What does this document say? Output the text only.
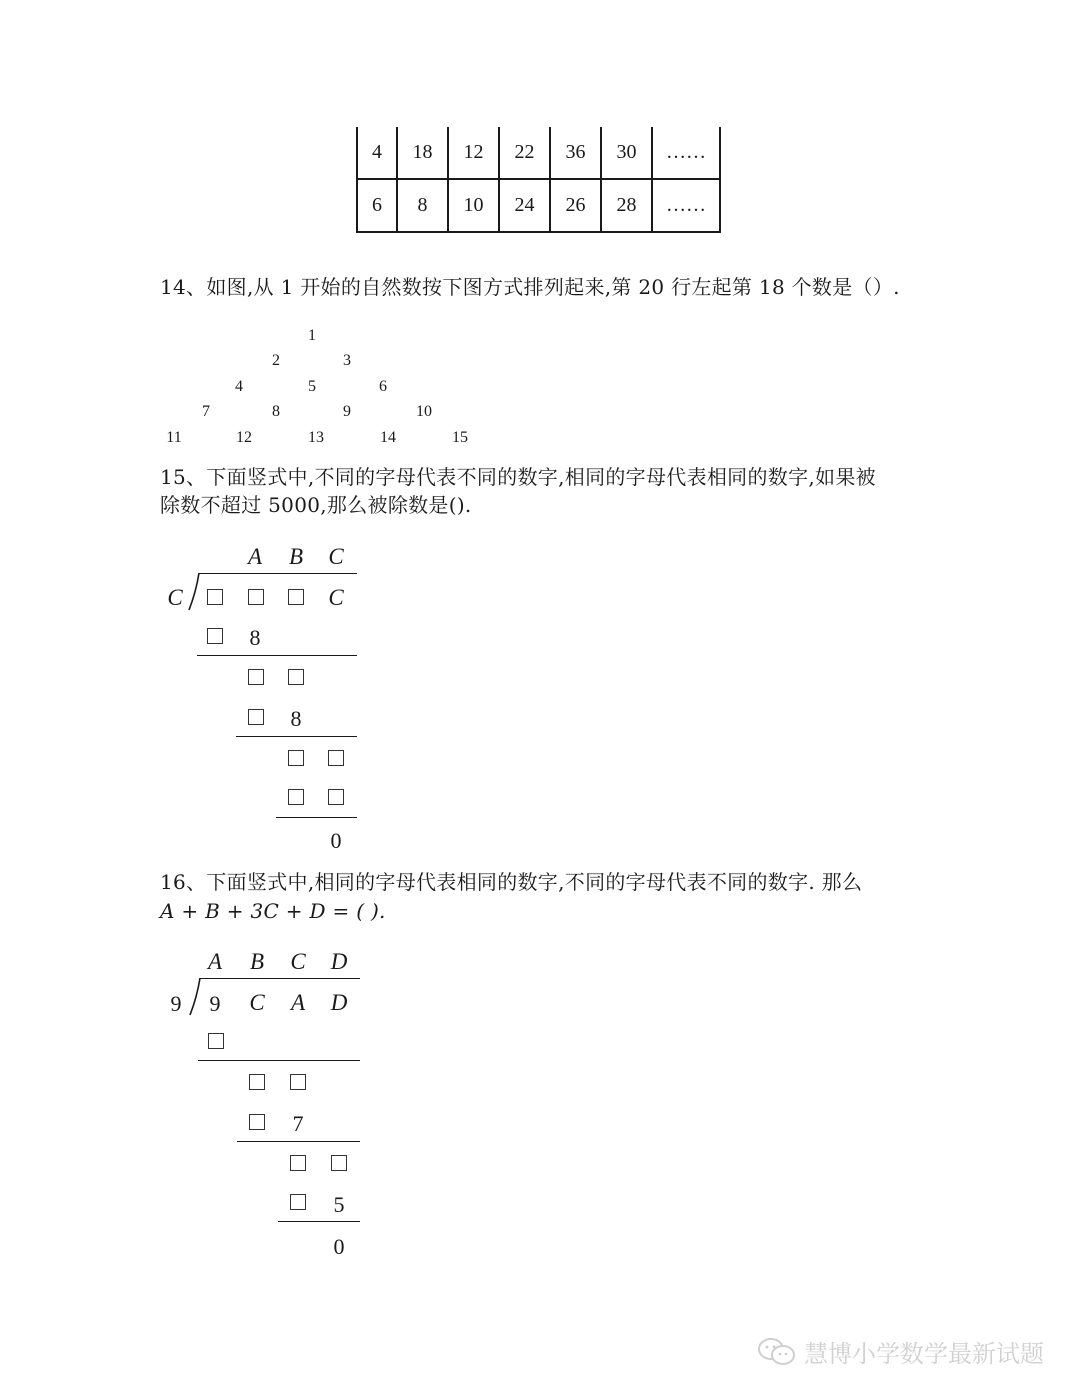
4	18	12	22	36	30	……
6	8	10	24	26	28	……
14、如图,从 1 开始的自然数按下图方式排列起来,第 20 行左起第 18 个数是（）.
1
2	3
4	5	6
7	8	9	10
11	12	13	14	15
15、下面竖式中,不同的字母代表不同的数字,相同的字母代表相同的数字,如果被
除数不超过 5000,那么被除数是().
A	B	C
C	C
8
8
0
16、下面竖式中,相同的字母代表相同的数字,不同的字母代表不同的数字. 那么
A + B + 3C + D = ( ).
A	B	C	D
9	9	C	A	D
7
5
0
慧博小学数学最新试题
